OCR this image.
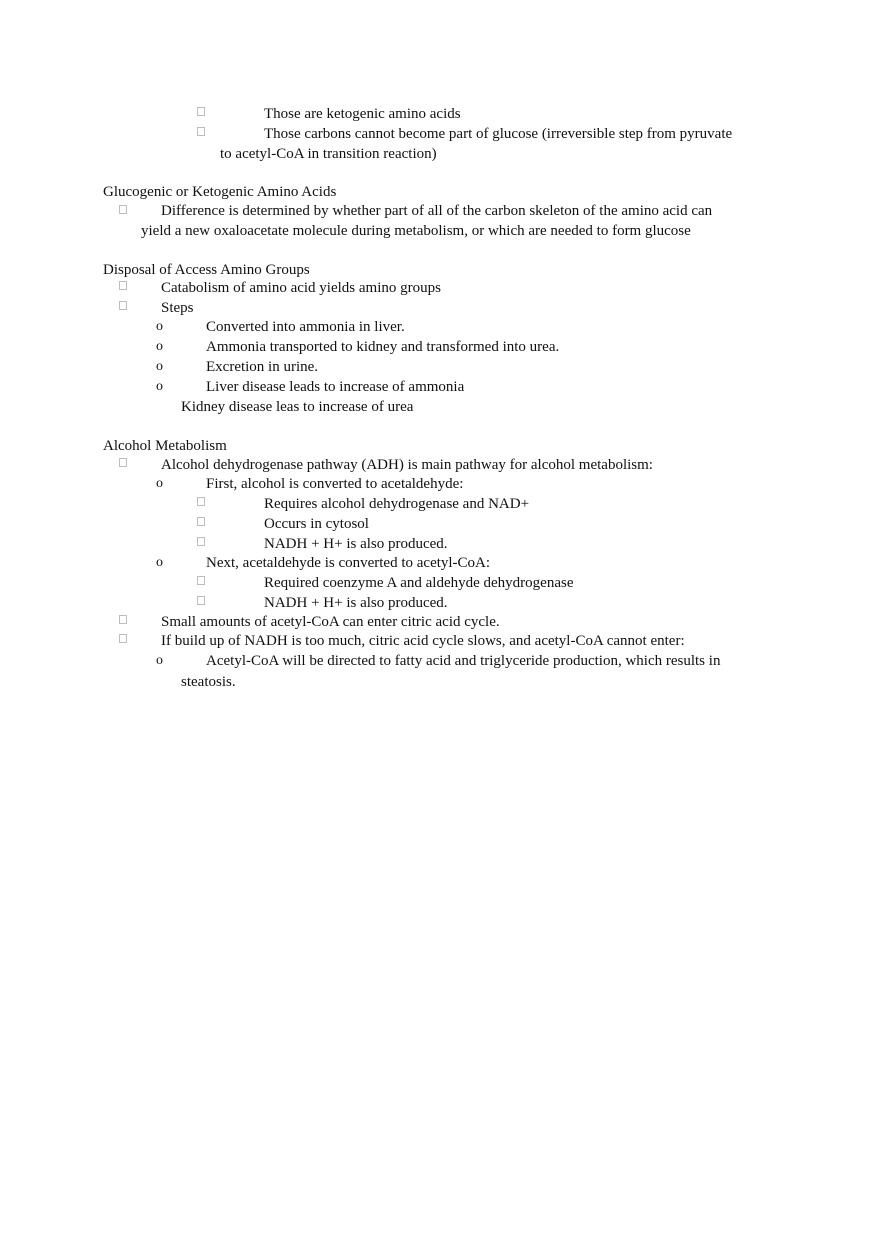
Those are ketogenic amino acids
Those carbons cannot become part of glucose (irreversible step from pyruvate
to acetyl-CoA in transition reaction)
Glucogenic or Ketogenic Amino Acids
Difference is determined by whether part of all of the carbon skeleton of the amino acid can
yield a new oxaloacetate molecule during metabolism, or which are needed to form glucose
Disposal of Access Amino Groups
Catabolism of amino acid yields amino groups
Steps
o	Converted into ammonia in liver.
o	Ammonia transported to kidney and transformed into urea.
o	Excretion in urine.
o	Liver disease leads to increase of ammonia
Kidney disease leas to increase of urea
Alcohol Metabolism
Alcohol dehydrogenase pathway (ADH) is main pathway for alcohol metabolism:
o	First, alcohol is converted to acetaldehyde:
Requires alcohol dehydrogenase and NAD+
Occurs in cytosol
NADH + H+ is also produced.
o	Next, acetaldehyde is converted to acetyl-CoA:
Required coenzyme A and aldehyde dehydrogenase
NADH + H+ is also produced.
Small amounts of acetyl-CoA can enter citric acid cycle.
If build up of NADH is too much, citric acid cycle slows, and acetyl-CoA cannot enter:
o	Acetyl-CoA will be directed to fatty acid and triglyceride production, which results in
steatosis.
